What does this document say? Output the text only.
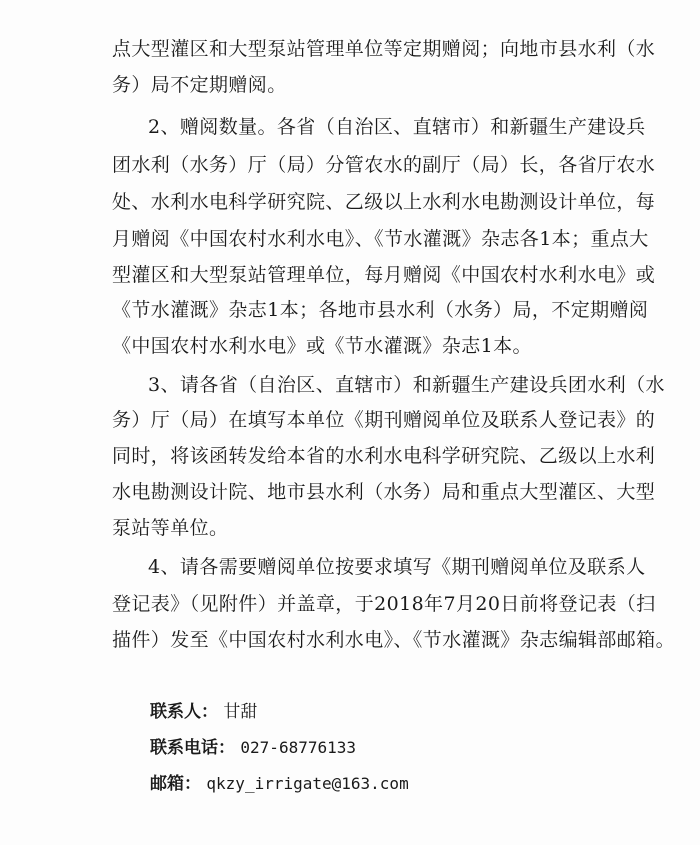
点大型灌区和大型泵站管理单位等定期赠阅；向地市县水利（水
务）局不定期赠阅。
2、赠阅数量。各省（自治区、直辖市）和新疆生产建设兵
团水利（水务）厅（局）分管农水的副厅（局）长，各省厅农水
处、水利水电科学研究院、乙级以上水利水电勘测设计单位，每
月赠阅《中国农村水利水电》、《节水灌溉》杂志各1本；重点大
型灌区和大型泵站管理单位，每月赠阅《中国农村水利水电》或
《节水灌溉》杂志1本；各地市县水利（水务）局，不定期赠阅
《中国农村水利水电》或《节水灌溉》杂志1本。
3、请各省（自治区、直辖市）和新疆生产建设兵团水利（水
务）厅（局）在填写本单位《期刊赠阅单位及联系人登记表》的
同时，将该函转发给本省的水利水电科学研究院、乙级以上水利
水电勘测设计院、地市县水利（水务）局和重点大型灌区、大型
泵站等单位。
4、请各需要赠阅单位按要求填写《期刊赠阅单位及联系人
登记表》（见附件）并盖章，于2018年7月20日前将登记表（扫
描件）发至《中国农村水利水电》、《节水灌溉》杂志编辑部邮箱。
联系人： 甘甜
联系电话： 027-68776133
邮箱： qkzy_irrigate@163.com
